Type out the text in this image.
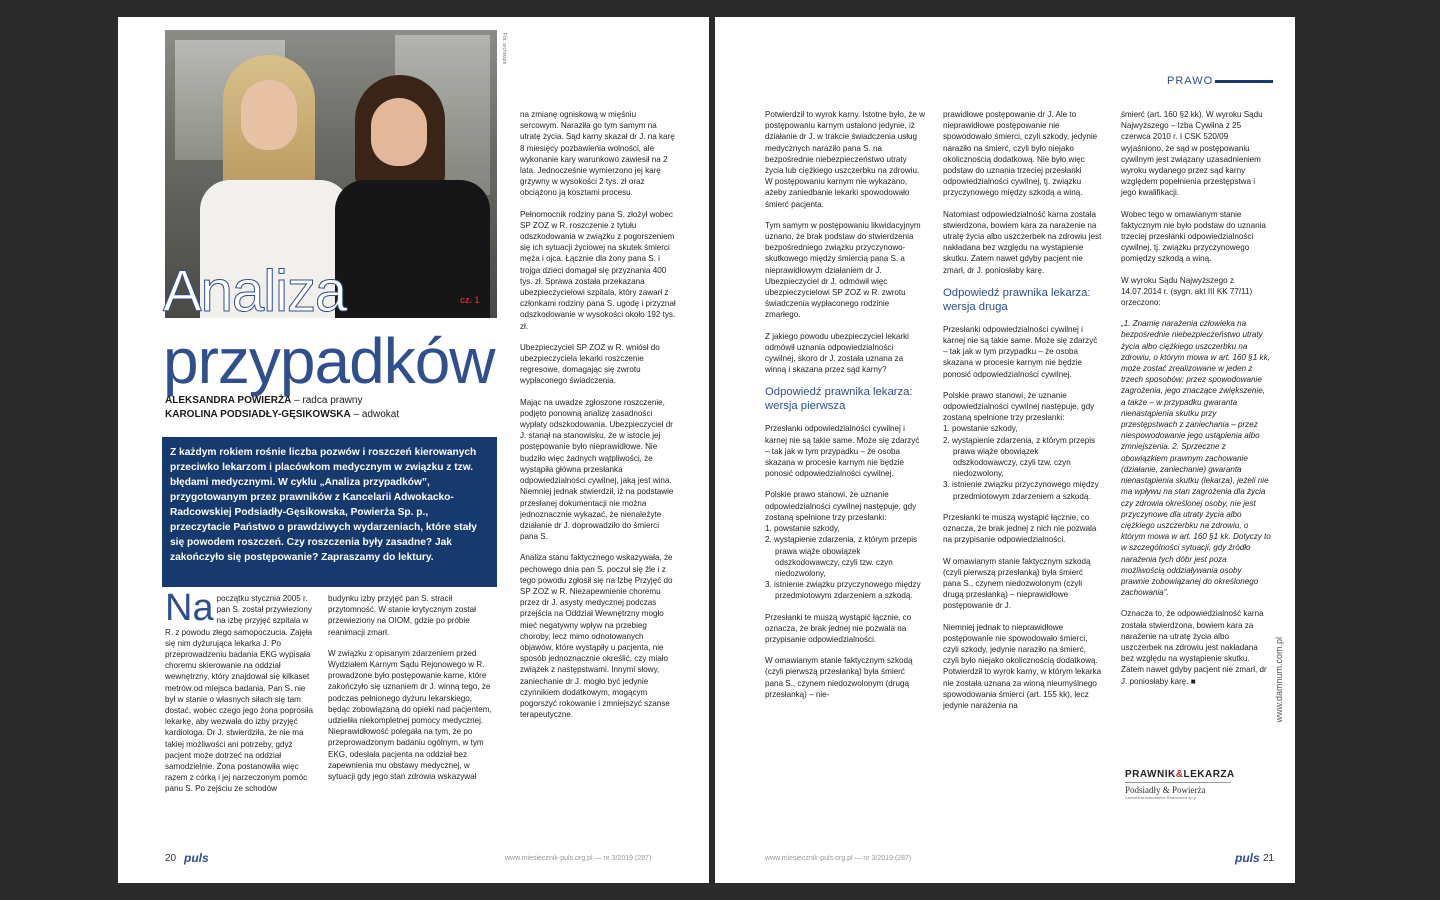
Fot. archiwum
Analiza	cz. 1
przypadków
ALEKSANDRA POWIERŻA – radca prawny
KAROLINA PODSIADŁY-GĘSIKOWSKA – adwokat
Z każdym rokiem rośnie liczba pozwów i roszczeń kierowanych przeciwko lekarzom i placówkom medycznym w związku z tzw. błędami medycznymi. W cyklu „Analiza przypadków”, przygotowanym przez prawników z Kancelarii Adwokacko-Radcowskiej Podsiadły-Gęsikowska, Powierża Sp. p., przeczytacie Państwo o prawdziwych wydarzeniach, które stały się powodem roszczeń. Czy roszczenia były zasadne? Jak zakończyło się postępowanie? Zapraszamy do lektury.

Na początku stycznia 2005 r. pan S. został przywieziony na izbę przyjęć szpitala w R. z powodu złego samopoczucia. Zajęła się nim dyżurująca lekarka J. Po przeprowadzeniu badania EKG wypisała choremu skierowanie na oddział wewnętrzny, który znajdował się kilkaset metrów od miejsca badania. Pan S. nie był w stanie o własnych siłach się tam dostać, wobec czego jego żona poprosiła lekarkę, aby wezwała do izby przyjęć kardiologa. Dr J. stwierdziła, że nie ma takiej możliwości ani potrzeby, gdyż pacjent może dotrzeć na oddział samodzielnie. Żona postanowiła więc razem z córką i jej narzeczonym pomóc panu S. Po zejściu ze schodów

budynku izby przyjęć pan S. stracił przytomność. W stanie krytycznym został przewieziony na OIOM, gdzie po próbie reanimacji zmarł.

W związku z opisanym zdarzeniem przed Wydziałem Karnym Sądu Rejonowego w R. prowadzone było postępowanie karne, które zakończyło się uznaniem dr J. winną tego, że podczas pełnionego dyżuru lekarskiego, będąc zobowiązaną do opieki nad pacjentem, udzieliła niekompletnej pomocy medycznej. Nieprawidłowość polegała na tym, że po przeprowadzonym badaniu ogólnym, w tym EKG, odesłała pacjenta na oddział bez zapewnienia mu obstawy medycznej, w sytuacji gdy jego stan zdrowia wskazywał

na zmianę ogniskową w mięśniu sercowym. Naraziła go tym samym na utratę życia. Sąd karny skazał dr J. na karę 8 miesięcy pozbawienia wolności, ale wykonanie kary warunkowo zawiesił na 2 lata. Jednocześnie wymierzono jej karę grzywny w wysokości 2 tys. zł oraz obciążono ją kosztami procesu.

Pełnomocnik rodziny pana S. złożył wobec SP ZOZ w R. roszczenie z tytułu odszkodowania w związku z pogorszeniem się ich sytuacji życiowej na skutek śmierci męża i ojca. Łącznie dla żony pana S. i trojga dzieci domagał się przyznania 400 tys. zł. Sprawa została przekazana ubezpieczycielowi szpitala, który zawarł z członkami rodziny pana S. ugodę i przyznał odszkodowanie w wysokości około 192 tys. zł.

Ubezpieczyciel SP ZOZ w R. wniósł do ubezpieczyciela lekarki roszczenie regresowe, domagając się zwrotu wypłaconego świadczenia.

Mając na uwadze zgłoszone roszczenie, podjęto ponowną analizę zasadności wypłaty odszkodowania. Ubezpieczyciel dr J. stanął na stanowisku, że w istocie jej postępowanie było nieprawidłowe. Nie budziło więc żadnych wątpliwości, że wystąpiła główna przesłanka odpowiedzialności cywilnej, jaką jest wina. Niemniej jednak stwierdził, iż na podstawie przesłanej dokumentacji nie można jednoznacznie wykazać, że nienależyte działanie dr J. doprowadziło do śmierci pana S.

Analiza stanu faktycznego wskazywała, że pechowego dnia pan S. poczuł się źle i z tego powodu zgłosił się na Izbę Przyjęć do SP ZOZ w R. Niezapewnienie choremu przez dr J. asysty medycznej podczas przejścia na Oddział Wewnętrzny mogło mieć negatywny wpływ na przebieg choroby, lecz mimo odnotowanych objawów, które wystąpiły u pacjenta, nie sposób jednoznacznie określić, czy miało związek z następstwami. Innymi słowy, zaniechanie dr J. mogło być jedynie czynnikiem dodatkowym, mogącym pogorszyć rokowanie i zmniejszyć szanse terapeutyczne.

20 puls	www.miesiecznik-puls.org.pl — nr 3/2019 (287)
PRAWO

Potwierdził to wyrok karny. Istotne było, że w postępowaniu karnym ustalono jedynie, iż działanie dr J. w trakcie świadczenia usług medycznych naraziło pana S. na bezpośrednie niebezpieczeństwo utraty życia lub ciężkiego uszczerbku na zdrowiu. W postępowaniu karnym nie wykazano, ażeby zaniedbanie lekarki spowodowało śmierć pacjenta.

Tym samym w postępowaniu likwidacyjnym uznano, że brak podstaw do stwierdzenia bezpośredniego związku przyczynowo-skutkowego między śmiercią pana S. a nieprawidłowym działaniem dr J. Ubezpieczyciel dr J. odmówił więc ubezpieczycielowi SP ZOZ w R. zwrotu świadczenia wypłaconego rodzinie zmarłego.

Z jakiego powodu ubezpieczyciel lekarki odmówił uznania odpowiedzialności cywilnej, skoro dr J. została uznana za winną i skazana przez sąd karny?

Odpowiedź prawnika lekarza: wersja pierwsza

Przesłanki odpowiedzialności cywilnej i karnej nie są takie same. Może się zdarzyć – tak jak w tym przypadku – że osoba skazana w procesie karnym nie będzie ponosić odpowiedzialności cywilnej.

Polskie prawo stanowi, że uznanie odpowiedzialności cywilnej następuje, gdy zostaną spełnione trzy przesłanki:

1. powstanie szkody,
2. wystąpienie zdarzenia, z którym przepis prawa wiąże obowiązek odszkodowawczy, czyli tzw. czyn niedozwolony,
3. istnienie związku przyczynowego między przedmiotowym zdarzeniem a szkodą.

Przesłanki te muszą wystąpić łącznie, co oznacza, że brak jednej nie pozwala na przypisanie odpowiedzialności.

W omawianym stanie faktycznym szkodą (czyli pierwszą przesłanką) była śmierć pana S., czynem niedozwolonym (drugą przesłanką) – nie-

prawidłowe postępowanie dr J. Ale to nieprawidłowe postępowanie nie spowodowało śmierci, czyli szkody, jedynie naraziło na śmierć, czyli było niejako okolicznością dodatkową. Nie było więc podstaw do uznania trzeciej przesłanki odpowiedzialności cywilnej, tj. związku przyczynowego między szkodą a winą.

Natomiast odpowiedzialność karna została stwierdzona, bowiem kara za narażenie na utratę życia albo uszczerbek na zdrowiu jest nakładana bez względu na wystąpienie skutku. Zatem nawet gdyby pacjent nie zmarł, dr J. poniosłaby karę.

Odpowiedź prawnika lekarza: wersja druga

Przesłanki odpowiedzialności cywilnej i karnej nie są takie same. Może się zdarzyć – tak jak w tym przypadku – że osoba skazana w procesie karnym nie będzie ponosić odpowiedzialności cywilnej.

Polskie prawo stanowi, że uznanie odpowiedzialności cywilnej następuje, gdy zostaną spełnione trzy przesłanki:

1. powstanie szkody,
2. wystąpienie zdarzenia, z którym przepis prawa wiąże obowiązek odszkodowawczy, czyli tzw. czyn niedozwolony,
3. istnienie związku przyczynowego między przedmiotowym zdarzeniem a szkodą.

Przesłanki te muszą wystąpić łącznie, co oznacza, że brak jednej z nich nie pozwala na przypisanie odpowiedzialności.

W omawianym stanie faktycznym szkodą (czyli pierwszą przesłanką) była śmierć pana S., czynem niedozwolonym (czyli drugą przesłanką) – nieprawidłowe postępowanie dr J.

Niemniej jednak to nieprawidłowe postępowanie nie spowodowało śmierci, czyli szkody, jedynie naraziło na śmierć, czyli było niejako okolicznością dodatkową. Potwierdził to wyrok karny, w którym lekarka nie została uznana za winną nieumyślnego spowodowania śmierci (art. 155 kk), lecz jedynie narażenia na

śmierć (art. 160 §2 kk). W wyroku Sądu Najwyższego – Izba Cywilna z 25 czerwca 2010 r. I CSK 520/09 wyjaśniono, że sąd w postępowaniu cywilnym jest związany uzasadnieniem wyroku wydanego przez sąd karny względem popełnienia przestępstwa i jego kwalifikacji.

Wobec tego w omawianym stanie faktycznym nie było podstaw do uznania trzeciej przesłanki odpowiedzialności cywilnej, tj. związku przyczynowego pomiędzy szkodą a winą.

W wyroku Sądu Najwyższego z 14.07.2014 r. (sygn. akt III KK 77/11) orzeczono:

„1. Znamię narażenia człowieka na bezpośrednie niebezpieczeństwo utraty życia albo ciężkiego uszczerbku na zdrowiu, o którym mowa w art. 160 §1 kk, może zostać zrealizowane w jeden z trzech sposobów: przez spowodowanie zagrożenia, jego znaczące zwiększenie, a także – w przypadku gwaranta nienastąpienia skutku przy przestępstwach z zaniechania – przez niespowodowanie jego ustąpienia albo zmniejszenia. 2. Sprzeczne z obowiązkiem prawnym zachowanie (działanie, zaniechanie) gwaranta nienastąpienia skutku (lekarza), jeżeli nie ma wpływu na stan zagrożenia dla życia czy zdrowia określonej osoby, nie jest przyczynowe dla utraty życia albo ciężkiego uszczerbku na zdrowiu, o którym mowa w art. 160 §1 kk. Dotyczy to w szczególności sytuacji, gdy źródło narażenia tych dóbr jest poza możliwością oddziaływania osoby prawnie zobowiązanej do określonego zachowania”.

Oznacza to, że odpowiedzialność karna została stwierdzona, bowiem kara za narażenie na utratę życia albo uszczerbek na zdrowiu jest nakładana bez względu na wystąpienie skutku. Zatem nawet gdyby pacjent nie zmarł, dr J. poniosłaby karę. ■	www.damnum.com.pl
PRAWNIK&LEKARZA
Podsiadły & Powierża
Kancelaria Adwokacko-Radcowska sp.p.
www.miesiecznik-puls.org.pl — nr 3/2019 (287)	puls 21
